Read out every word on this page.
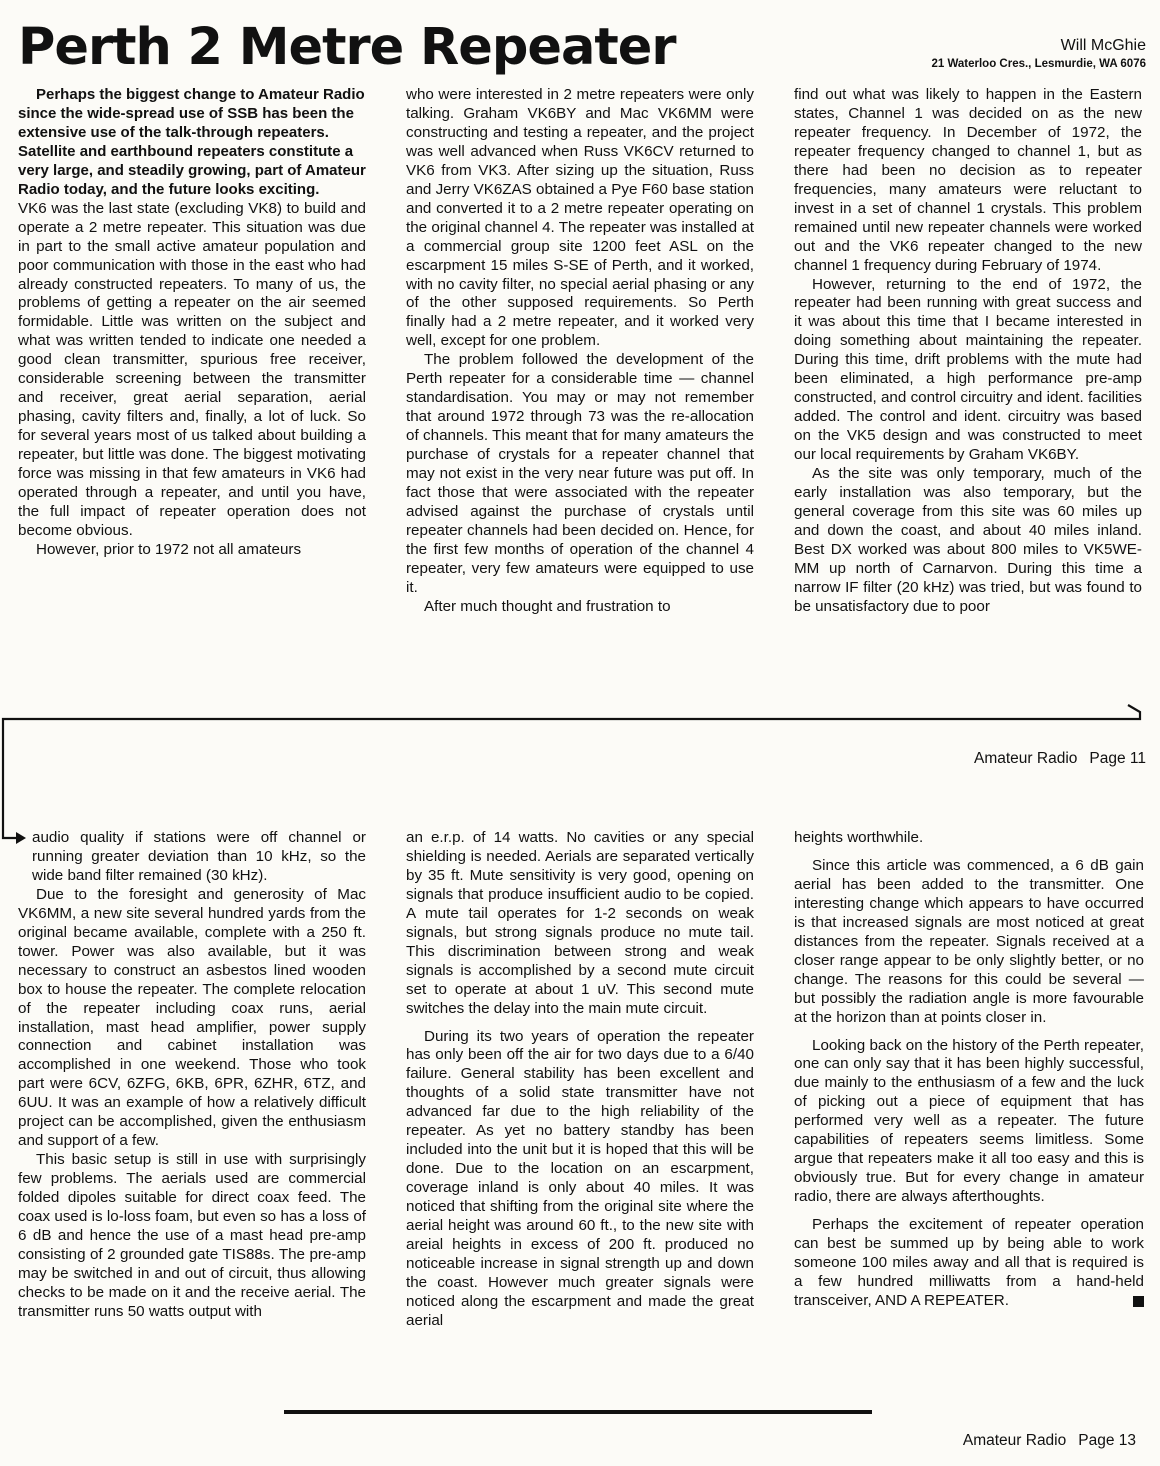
Perth 2 Metre Repeater	Will McGhie
21 Waterloo Cres., Lesmurdie, WA 6076

Perhaps the biggest change to Amateur Radio since the wide-spread use of SSB has been the extensive use of the talk-through repeaters. Satellite and earthbound repeaters constitute a very large, and steadily growing, part of Amateur Radio today, and the future looks exciting.

VK6 was the last state (excluding VK8) to build and operate a 2 metre repeater. This situation was due in part to the small active amateur population and poor communication with those in the east who had already constructed repeaters. To many of us, the problems of getting a repeater on the air seemed formidable. Little was written on the subject and what was written tended to indicate one needed a good clean transmitter, spurious free receiver, considerable screening between the transmitter and receiver, great aerial separation, aerial phasing, cavity filters and, finally, a lot of luck. So for several years most of us talked about building a repeater, but little was done. The biggest motivating force was missing in that few amateurs in VK6 had operated through a repeater, and until you have, the full impact of repeater operation does not become obvious.

However, prior to 1972 not all amateurs

who were interested in 2 metre repeaters were only talking. Graham VK6BY and Mac VK6MM were constructing and testing a repeater, and the project was well advanced when Russ VK6CV returned to VK6 from VK3. After sizing up the situation, Russ and Jerry VK6ZAS obtained a Pye F60 base station and converted it to a 2 metre repeater operating on the original channel 4. The repeater was installed at a commercial group site 1200 feet ASL on the escarpment 15 miles S-SE of Perth, and it worked, with no cavity filter, no special aerial phasing or any of the other supposed requirements. So Perth finally had a 2 metre repeater, and it worked very well, except for one problem.

The problem followed the development of the Perth repeater for a considerable time — channel standardisation. You may or may not remember that around 1972 through 73 was the re-allocation of channels. This meant that for many amateurs the purchase of crystals for a repeater channel that may not exist in the very near future was put off. In fact those that were associated with the repeater advised against the purchase of crystals until repeater channels had been decided on. Hence, for the first few months of operation of the channel 4 repeater, very few amateurs were equipped to use it.

After much thought and frustration to

find out what was likely to happen in the Eastern states, Channel 1 was decided on as the new repeater frequency. In December of 1972, the repeater frequency changed to channel 1, but as there had been no decision as to repeater frequencies, many amateurs were reluctant to invest in a set of channel 1 crystals. This problem remained until new repeater channels were worked out and the VK6 repeater changed to the new channel 1 frequency during February of 1974.

However, returning to the end of 1972, the repeater had been running with great success and it was about this time that I became interested in doing something about maintaining the repeater. During this time, drift problems with the mute had been eliminated, a high performance pre-amp constructed, and control circuitry and ident. facilities added. The control and ident. circuitry was based on the VK5 design and was constructed to meet our local requirements by Graham VK6BY.

As the site was only temporary, much of the early installation was also temporary, but the general coverage from this site was 60 miles up and down the coast, and about 40 miles inland. Best DX worked was about 800 miles to VK5WE-MM up north of Carnarvon. During this time a narrow IF filter (20 kHz) was tried, but was found to be unsatisfactory due to poor

Amateur Radio Page 11

audio quality if stations were off channel or running greater deviation than 10 kHz, so the wide band filter remained (30 kHz).

Due to the foresight and generosity of Mac VK6MM, a new site several hundred yards from the original became available, complete with a 250 ft. tower. Power was also available, but it was necessary to construct an asbestos lined wooden box to house the repeater. The complete relocation of the repeater including coax runs, aerial installation, mast head amplifier, power supply connection and cabinet installation was accomplished in one weekend. Those who took part were 6CV, 6ZFG, 6KB, 6PR, 6ZHR, 6TZ, and 6UU. It was an example of how a relatively difficult project can be accomplished, given the enthusiasm and support of a few.

This basic setup is still in use with surprisingly few problems. The aerials used are commercial folded dipoles suitable for direct coax feed. The coax used is lo-loss foam, but even so has a loss of 6 dB and hence the use of a mast head pre-amp consisting of 2 grounded gate TIS88s. The pre-amp may be switched in and out of circuit, thus allowing checks to be made on it and the receive aerial. The transmitter runs 50 watts output with

an e.r.p. of 14 watts. No cavities or any special shielding is needed. Aerials are separated vertically by 35 ft. Mute sensitivity is very good, opening on signals that produce insufficient audio to be copied. A mute tail operates for 1-2 seconds on weak signals, but strong signals produce no mute tail. This discrimination between strong and weak signals is accomplished by a second mute circuit set to operate at about 1 uV. This second mute switches the delay into the main mute circuit.

During its two years of operation the repeater has only been off the air for two days due to a 6/40 failure. General stability has been excellent and thoughts of a solid state transmitter have not advanced far due to the high reliability of the repeater. As yet no battery standby has been included into the unit but it is hoped that this will be done. Due to the location on an escarpment, coverage inland is only about 40 miles. It was noticed that shifting from the original site where the aerial height was around 60 ft., to the new site with areial heights in excess of 200 ft. produced no noticeable increase in signal strength up and down the coast. However much greater signals were noticed along the escarpment and made the great aerial

heights worthwhile.

Since this article was commenced, a 6 dB gain aerial has been added to the transmitter. One interesting change which appears to have occurred is that increased signals are most noticed at great distances from the repeater. Signals received at a closer range appear to be only slightly better, or no change. The reasons for this could be several — but possibly the radiation angle is more favourable at the horizon than at points closer in.

Looking back on the history of the Perth repeater, one can only say that it has been highly successful, due mainly to the enthusiasm of a few and the luck of picking out a piece of equipment that has performed very well as a repeater. The future capabilities of repeaters seems limitless. Some argue that repeaters make it all too easy and this is obviously true. But for every change in amateur radio, there are always afterthoughts.

Perhaps the excitement of repeater operation can best be summed up by being able to work someone 100 miles away and all that is required is a few hundred milliwatts from a hand-held transceiver, AND A REPEATER.

Amateur Radio Page 13
